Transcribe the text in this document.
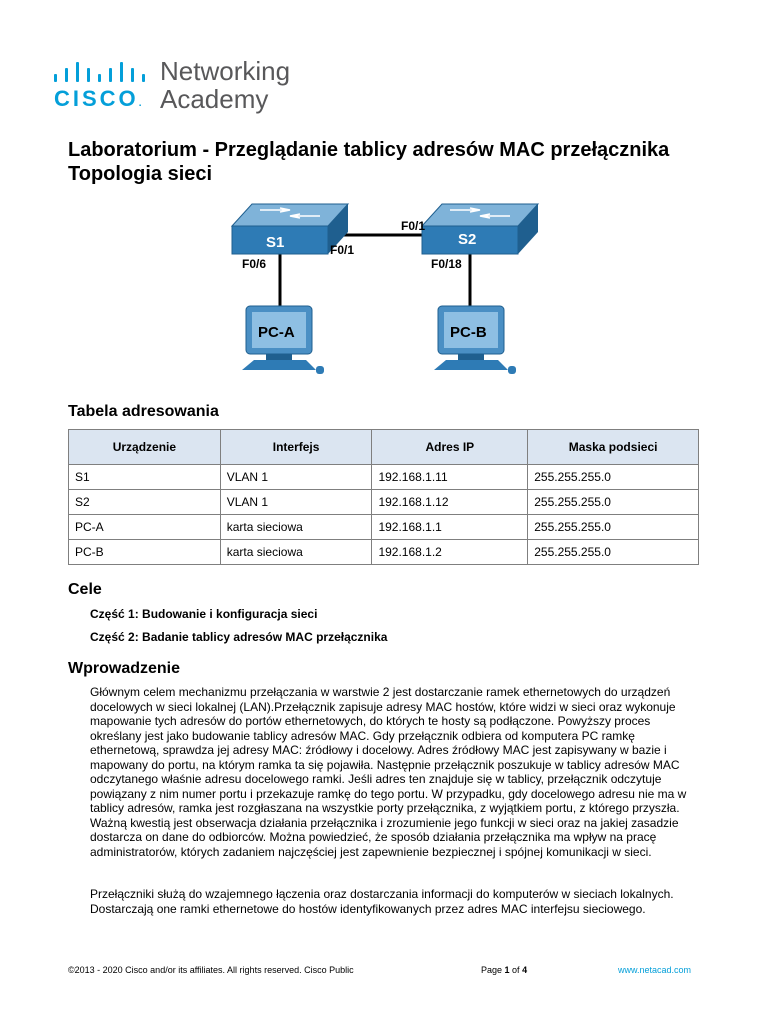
CISCO.
Networking
Academy
Laboratorium - Przeglądanie tablicy adresów MAC przełącznika
Topologia sieci
S1	S2
F0/6
F0/1
F0/1
F0/18
PC-A	PC-B
Tabela adresowania
Urządzenie	Interfejs	Adres IP	Maska podsieci
S1	VLAN 1	192.168.1.11	255.255.255.0
S2	VLAN 1	192.168.1.12	255.255.255.0
PC-A	karta sieciowa	192.168.1.1	255.255.255.0
PC-B	karta sieciowa	192.168.1.2	255.255.255.0
Cele
Część 1: Budowanie i konfiguracja sieci
Część 2: Badanie tablicy adresów MAC przełącznika
Wprowadzenie

Głównym celem mechanizmu przełączania w warstwie 2 jest dostarczanie ramek ethernetowych do urządzeń docelowych w sieci lokalnej (LAN).Przełącznik zapisuje adresy MAC hostów, które widzi w sieci oraz wykonuje mapowanie tych adresów do portów ethernetowych, do których te hosty są podłączone. Powyższy proces określany jest jako budowanie tablicy adresów MAC. Gdy przełącznik odbiera od komputera PC ramkę ethernetową, sprawdza jej adresy MAC: źródłowy i docelowy. Adres źródłowy MAC jest zapisywany w bazie i mapowany do portu, na którym ramka ta się pojawiła. Następnie przełącznik poszukuje w tablicy adresów MAC odczytanego właśnie adresu docelowego ramki. Jeśli adres ten znajduje się w tablicy, przełącznik odczytuje powiązany z nim numer portu i przekazuje ramkę do tego portu. W przypadku, gdy docelowego adresu nie ma w tablicy adresów, ramka jest rozgłaszana na wszystkie porty przełącznika, z wyjątkiem portu, z którego przyszła. Ważną kwestią jest obserwacja działania przełącznika i zrozumienie jego funkcji w sieci oraz na jakiej zasadzie dostarcza on dane do odbiorców. Można powiedzieć, że sposób działania przełącznika ma wpływ na pracę administratorów, których zadaniem najczęściej jest zapewnienie bezpiecznej i spójnej komunikacji w sieci.

Przełączniki służą do wzajemnego łączenia oraz dostarczania informacji do komputerów w sieciach lokalnych. Dostarczają one ramki ethernetowe do hostów identyfikowanych przez adres MAC interfejsu sieciowego.

©2013 - 2020 Cisco and/or its affiliates. All rights reserved. Cisco Public	Page 1 of 4	www.netacad.com
